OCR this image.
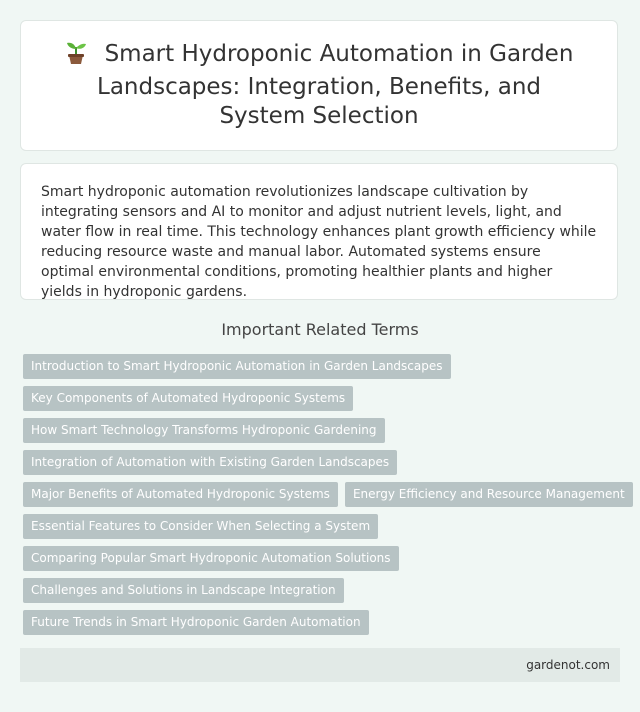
Smart Hydroponic Automation in Garden Landscapes: Integration, Benefits, and System Selection

Smart hydroponic automation revolutionizes landscape cultivation by integrating sensors and AI to monitor and adjust nutrient levels, light, and water flow in real time. This technology enhances plant growth efficiency while reducing resource waste and manual labor. Automated systems ensure optimal environmental conditions, promoting healthier plants and higher yields in hydroponic gardens.

Important Related Terms
Introduction to Smart Hydroponic Automation in Garden Landscapes
Key Components of Automated Hydroponic Systems
How Smart Technology Transforms Hydroponic Gardening
Integration of Automation with Existing Garden Landscapes
Major Benefits of Automated Hydroponic Systems	Energy Efficiency and Resource Management
Essential Features to Consider When Selecting a System
Comparing Popular Smart Hydroponic Automation Solutions
Challenges and Solutions in Landscape Integration
Future Trends in Smart Hydroponic Garden Automation
gardenot.com
